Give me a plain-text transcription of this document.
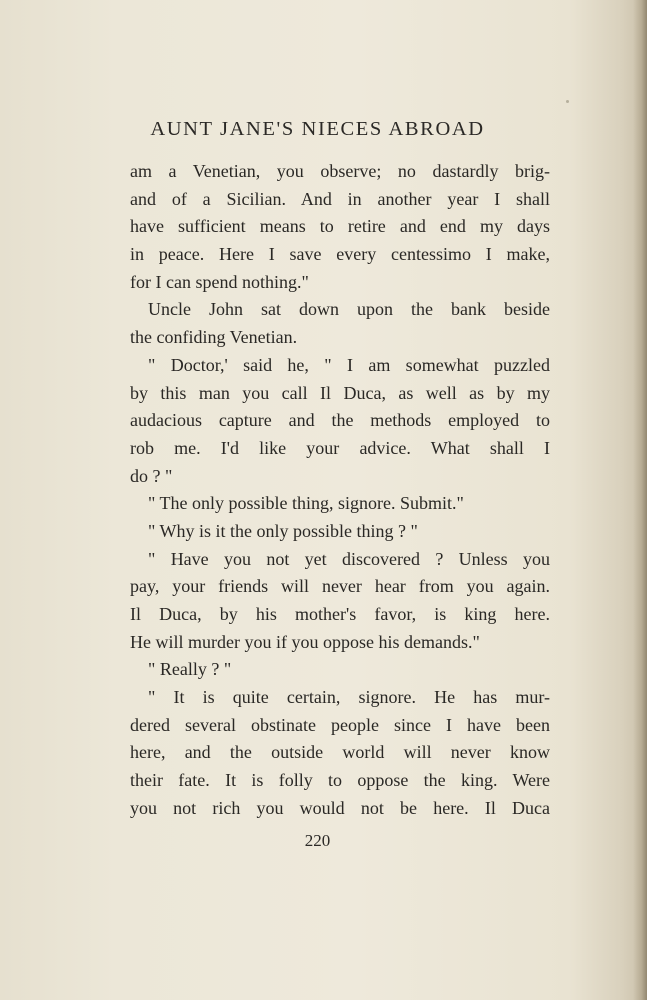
AUNT JANE'S NIECES ABROAD
am a Venetian, you observe; no dastardly brig-
and of a Sicilian. And in another year I shall
have sufficient means to retire and end my days
in peace. Here I save every centessimo I make,
for I can spend nothing."
Uncle John sat down upon the bank beside
the confiding Venetian.
" Doctor,' said he, " I am somewhat puzzled
by this man you call Il Duca, as well as by my
audacious capture and the methods employed to
rob me. I'd like your advice. What shall I
do ? "
" The only possible thing, signore. Submit."
" Why is it the only possible thing ? "
" Have you not yet discovered ? Unless you
pay, your friends will never hear from you again.
Il Duca, by his mother's favor, is king here.
He will murder you if you oppose his demands."
" Really ? "
" It is quite certain, signore. He has mur-
dered several obstinate people since I have been
here, and the outside world will never know
their fate. It is folly to oppose the king. Were
you not rich you would not be here. Il Duca
220
